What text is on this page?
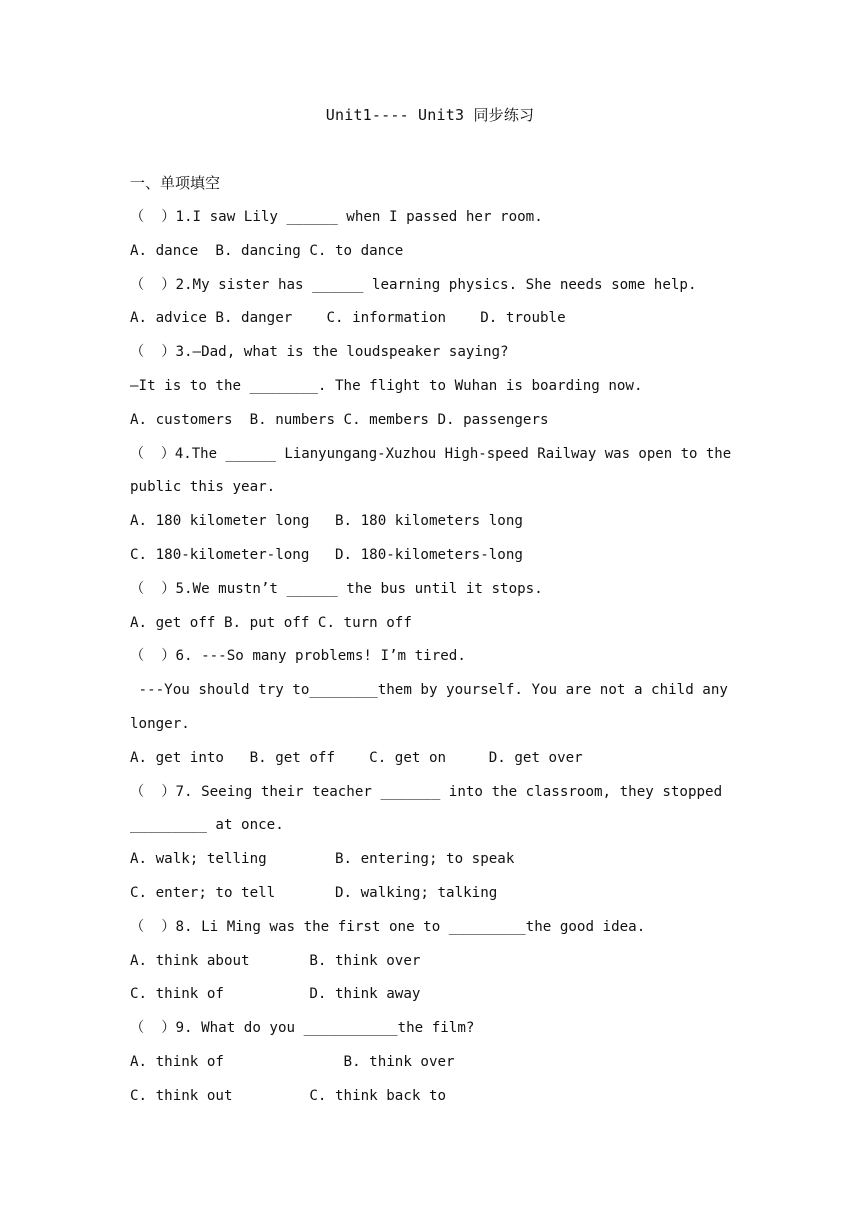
Unit1---- Unit3 同步练习
一、单项填空
（  ）1.I saw Lily ______ when I passed her room.
A. dance  B. dancing C. to dance
（  ）2.My sister has ______ learning physics. She needs some help.
A. advice B. danger    C. information    D. trouble
（  ）3.—Dad, what is the loudspeaker saying?
—It is to the ________. The flight to Wuhan is boarding now.
A. customers  B. numbers C. members D. passengers
（  ）4.The ______ Lianyungang-Xuzhou High-speed Railway was open to the
public this year.
A. 180 kilometer long   B. 180 kilometers long
C. 180-kilometer-long   D. 180-kilometers-long
（  ）5.We mustn’t ______ the bus until it stops.
A. get off B. put off C. turn off
（  ）6. ---So many problems! I’m tired.
---You should try to________them by yourself. You are not a child any
longer.
A. get into   B. get off    C. get on     D. get over
（  ）7. Seeing their teacher _______ into the classroom, they stopped
_________ at once.
A. walk; telling        B. entering; to speak
C. enter; to tell       D. walking; talking
（  ）8. Li Ming was the first one to _________the good idea.
A. think about       B. think over
C. think of          D. think away
（  ）9. What do you ___________the film?
A. think of              B. think over
C. think out         C. think back to
